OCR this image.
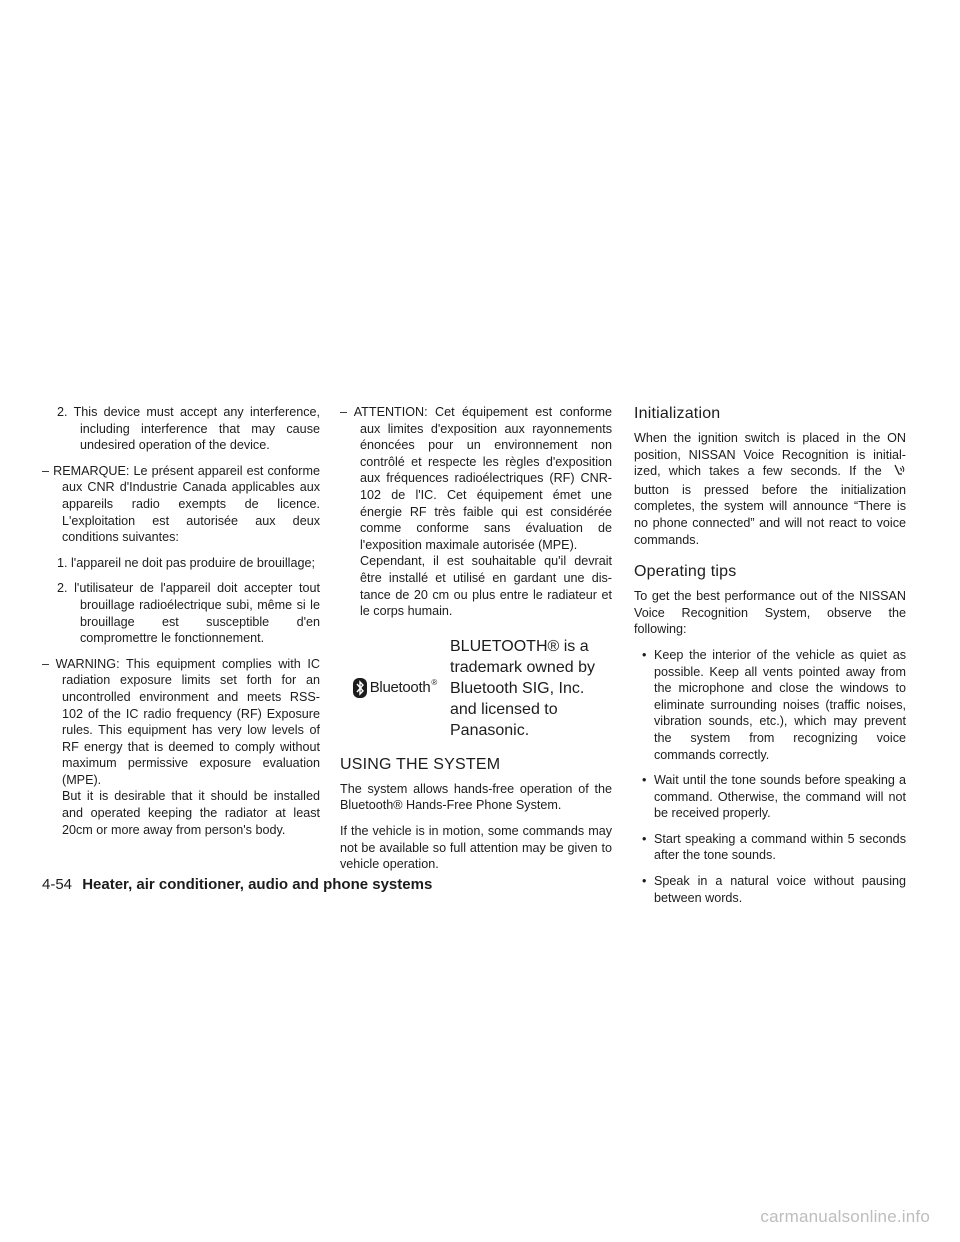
2. This device must accept any interference, including interference that may cause undesired operation of the device.

– REMARQUE: Le présent appareil est conforme aux CNR d'Industrie Canada applicables aux appareils radio exempts de licence. L'exploitation est autorisée aux deux conditions suivantes:

1. l'appareil ne doit pas produire de brouillage;

2. l'utilisateur de l'appareil doit accepter tout brouillage radioélectrique subi, même si le brouillage est susceptible d'en compromettre le fonctionnement.

– WARNING: This equipment complies with IC radiation exposure limits set forth for an uncontrolled environment and meets RSS-102 of the IC radio frequency (RF) Exposure rules. This equipment has very low levels of RF energy that is deemed to comply without maximum permissive exposure evaluation (MPE).
But it is desirable that it should be installed and operated keeping the radiator at least 20cm or more away from person's body.

– ATTENTION: Cet équipement est conforme aux limites d'exposition aux rayonnements énoncées pour un environnement non contrôlé et respecte les règles d'exposition aux fréquences radioélectriques (RF) CNR-102 de l'IC. Cet équipement émet une énergie RF très faible qui est considérée comme conforme sans évaluation de l'exposition maximale autorisée (MPE).
Cependant, il est souhaitable qu'il devrait être installé et utilisé en gardant une distance de 20 cm ou plus entre le radiateur et le corps humain.

Bluetooth ®
BLUETOOTH® is a trademark owned by Bluetooth SIG, Inc. and licensed to Panasonic.
USING THE SYSTEM

The system allows hands-free operation of the Bluetooth® Hands-Free Phone System.

If the vehicle is in motion, some commands may not be available so full attention may be given to vehicle operation.

Initialization

When the ignition switch is placed in the ON position, NISSAN Voice Recognition is initialized, which takes a few seconds. If the  button is pressed before the initialization completes, the system will announce “There is no phone connected” and will not react to voice commands.

Operating tips

To get the best performance out of the NISSAN Voice Recognition System, observe the following:

• Keep the interior of the vehicle as quiet as possible. Keep all vents pointed away from the microphone and close the windows to eliminate surrounding noises (traffic noises, vibration sounds, etc.), which may prevent the system from recognizing voice commands correctly.

• Wait until the tone sounds before speaking a command. Otherwise, the command will not be received properly.

• Start speaking a command within 5 seconds after the tone sounds.

• Speak in a natural voice without pausing between words.

4-54 Heater, air conditioner, audio and phone systems
carmanualsonline.info
